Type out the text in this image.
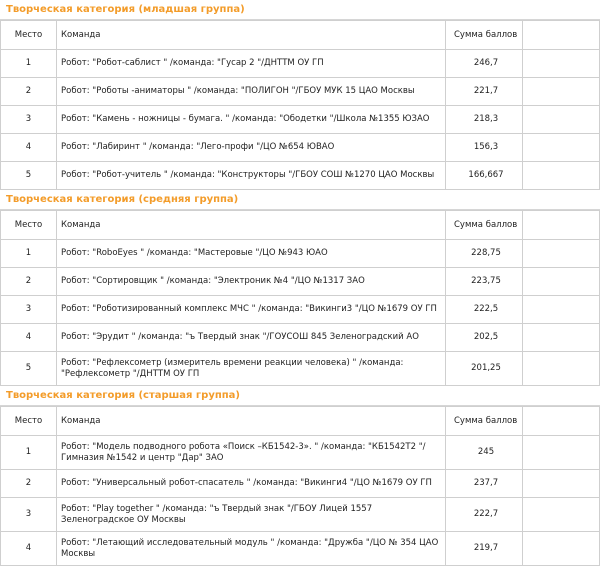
Творческая категория (младшая группа)
Место	Команда	Сумма баллов	
1	Робот: "Робот-саблист " /команда: "Гусар 2 "/ДНТТМ ОУ ГП	246,7	
2	Робот: "Роботы -аниматоры " /команда: "ПОЛИГОН "/ГБОУ МУК 15 ЦАО Москвы	221,7	
3	Робот: "Камень - ножницы - бумага. " /команда: "Ободетки "/Школа №1355 ЮЗАО	218,3	
4	Робот: "Лабиринт " /команда: "Лего-профи "/ЦО №654 ЮВАО	156,3	
5	Робот: "Робот-учитель " /команда: "Конструкторы "/ГБОУ СОШ №1270 ЦАО Москвы	166,667	
Творческая категория (средняя группа)
Место	Команда	Сумма баллов	
1	Робот: "RoboEyes " /команда: "Мастеровые "/ЦО №943 ЮАО	228,75	
2	Робот: "Сортировщик " /команда: "Электроник №4 "/ЦО №1317 ЗАО	223,75	
3	Робот: "Роботизированный комплекс МЧС " /команда: "Викинги3 "/ЦО №1679 ОУ ГП	222,5	
4	Робот: "Эрудит " /команда: "ъ Твердый знак "/ГОУСОШ 845 Зеленоградский АО	202,5	
5	Робот: "Рефлексометр (измеритель времени реакции человека) " /команда: "Рефлексометр "/ДНТТМ ОУ ГП	201,25	
Творческая категория (старшая группа)
Место	Команда	Сумма баллов	
1	Робот: "Модель подводного робота «Поиск –КБ1542-3». " /команда: "КБ1542Т2 "/Гимназия №1542 и центр "Дар" ЗАО	245	
2	Робот: "Универсальный робот-спасатель " /команда: "Викинги4 "/ЦО №1679 ОУ ГП	237,7	
3	Робот: "Play together " /команда: "ъ Твердый знак "/ГБОУ Лицей 1557 Зеленоградское ОУ Москвы	222,7	
4	Робот: "Летающий исследовательный модуль " /команда: "Дружба "/ЦО № 354 ЦАО Москвы	219,7	
